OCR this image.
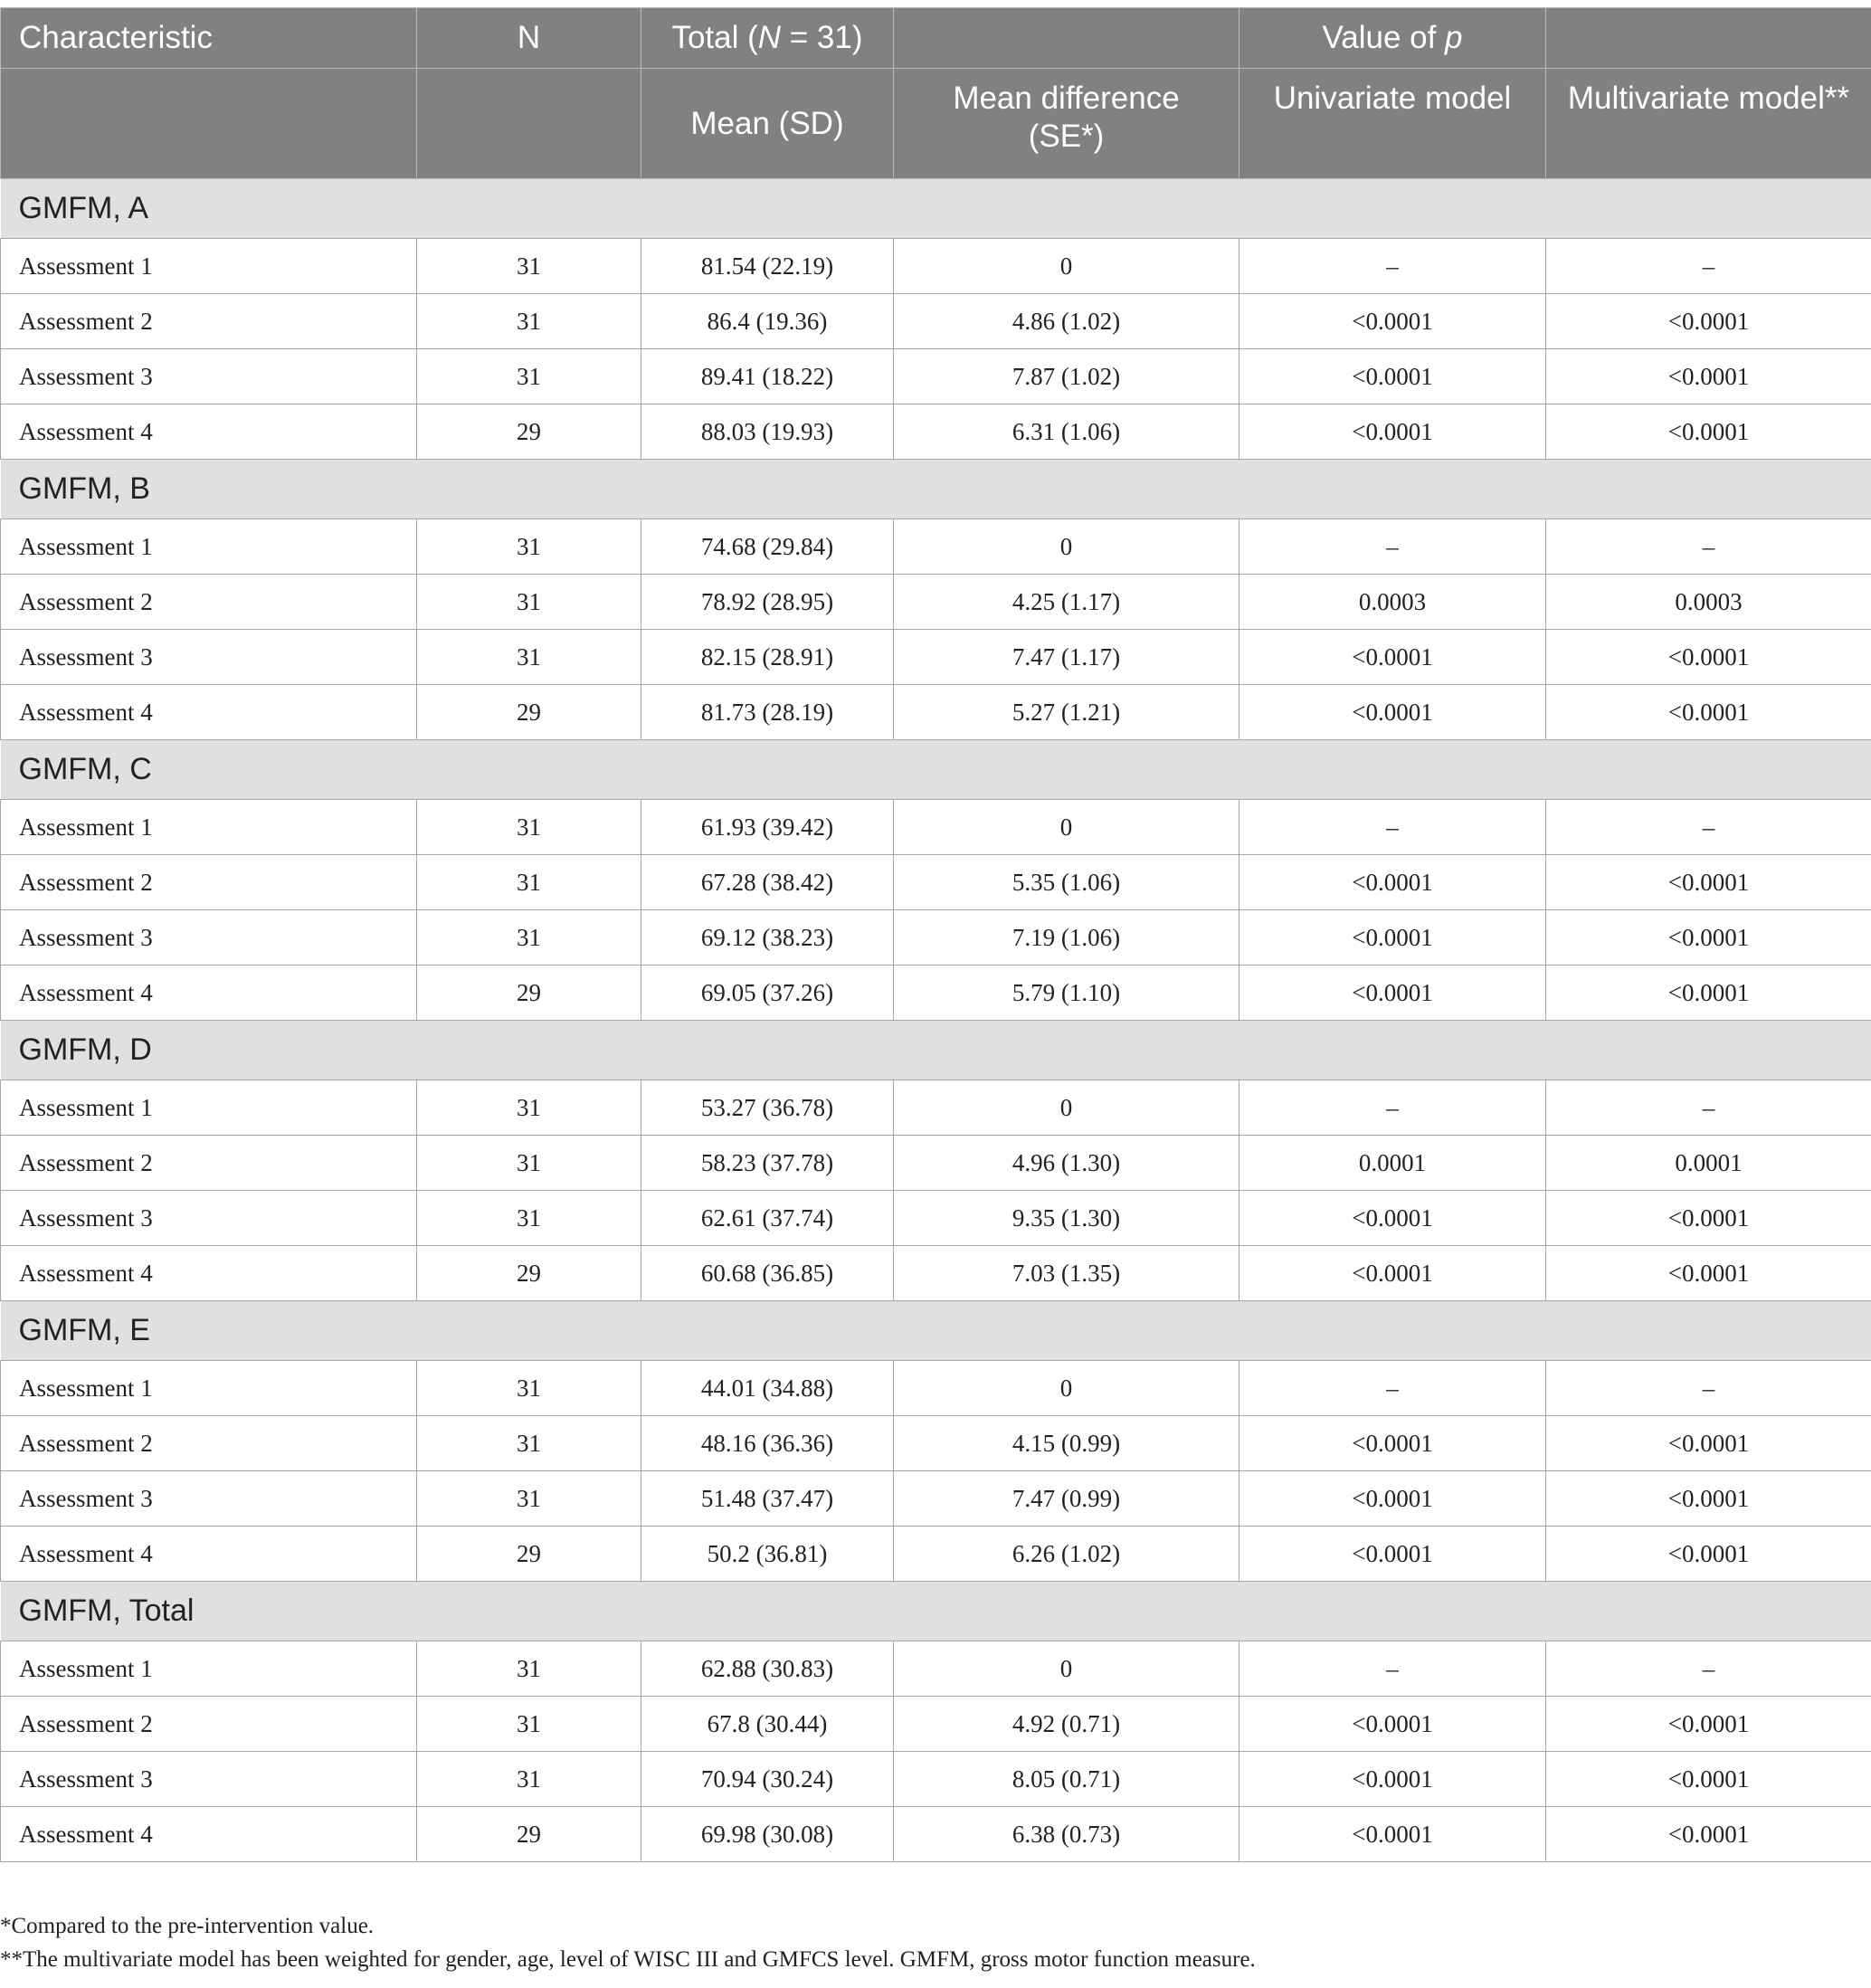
Characteristic	N	Total (N = 31)		Value of p	
		Mean (SD)	Mean difference (SE*)	Univariate model	Multivariate model**
GMFM, A					
Assessment 1	31	81.54 (22.19)	0	–	–
Assessment 2	31	86.4 (19.36)	4.86 (1.02)	<0.0001	<0.0001
Assessment 3	31	89.41 (18.22)	7.87 (1.02)	<0.0001	<0.0001
Assessment 4	29	88.03 (19.93)	6.31 (1.06)	<0.0001	<0.0001
GMFM, B					
Assessment 1	31	74.68 (29.84)	0	–	–
Assessment 2	31	78.92 (28.95)	4.25 (1.17)	0.0003	0.0003
Assessment 3	31	82.15 (28.91)	7.47 (1.17)	<0.0001	<0.0001
Assessment 4	29	81.73 (28.19)	5.27 (1.21)	<0.0001	<0.0001
GMFM, C					
Assessment 1	31	61.93 (39.42)	0	–	–
Assessment 2	31	67.28 (38.42)	5.35 (1.06)	<0.0001	<0.0001
Assessment 3	31	69.12 (38.23)	7.19 (1.06)	<0.0001	<0.0001
Assessment 4	29	69.05 (37.26)	5.79 (1.10)	<0.0001	<0.0001
GMFM, D					
Assessment 1	31	53.27 (36.78)	0	–	–
Assessment 2	31	58.23 (37.78)	4.96 (1.30)	0.0001	0.0001
Assessment 3	31	62.61 (37.74)	9.35 (1.30)	<0.0001	<0.0001
Assessment 4	29	60.68 (36.85)	7.03 (1.35)	<0.0001	<0.0001
GMFM, E					
Assessment 1	31	44.01 (34.88)	0	–	–
Assessment 2	31	48.16 (36.36)	4.15 (0.99)	<0.0001	<0.0001
Assessment 3	31	51.48 (37.47)	7.47 (0.99)	<0.0001	<0.0001
Assessment 4	29	50.2 (36.81)	6.26 (1.02)	<0.0001	<0.0001
GMFM, Total					
Assessment 1	31	62.88 (30.83)	0	–	–
Assessment 2	31	67.8 (30.44)	4.92 (0.71)	<0.0001	<0.0001
Assessment 3	31	70.94 (30.24)	8.05 (0.71)	<0.0001	<0.0001
Assessment 4	29	69.98 (30.08)	6.38 (0.73)	<0.0001	<0.0001

*Compared to the pre-intervention value.

**The multivariate model has been weighted for gender, age, level of WISC III and GMFCS level. GMFM, gross motor function measure.
